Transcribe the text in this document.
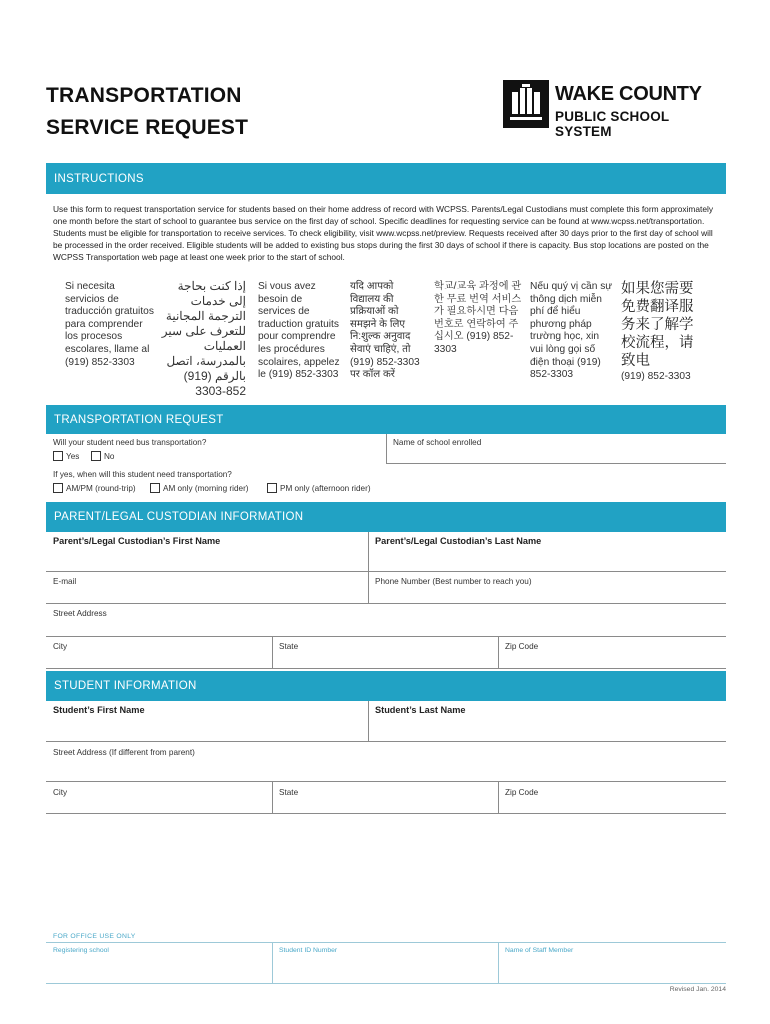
TRANSPORTATION
SERVICE REQUEST
WAKE COUNTY
PUBLIC SCHOOL SYSTEM
INSTRUCTIONS
Use this form to request transportation service for students based on their home address of record with WCPSS. Parents/Legal Custodians must complete this form approximately one month before the start of school to guarantee bus service on the first day of school. Specific deadlines for requesting service can be found at www.wcpss.net/transportation. Students must be eligible for transportation to receive services. To check eligibility, visit www.wcpss.net/preview. Requests received after 30 days prior to the first day of school will be processed in the order received. Eligible students will be added to existing bus stops during the first 30 days of school if there is capacity. Bus stop locations are posted on the WCPSS Transportation web page at least one week prior to the start of school.
Si necesita servicios de traducción gratuitos para comprender los procesos escolares, llame al (919) 852-3303
إذا كنت بحاجة إلى خدمات الترجمة المجانية للتعرف على سير العمليات بالمدرسة، اتصل بالرقم (919) 852-3303
Si vous avez besoin de services de traduction gratuits pour comprendre les procédures scolaires, appelez le (919) 852-3303
यदि आपको विद्यालय की प्रक्रियाओं को समझने के लिए नि:शुल्क अनुवाद सेवाएं चाहिएं, तो (919) 852-3303 पर कॉल करें
학교/교육 과정에 관한 무료 번역 서비스가 필요하시면 다음 번호로 연락하여 주십시오 (919) 852-3303
Nếu quý vị cần sự thông dịch miễn phí để hiểu phương pháp trường học, xin vui lòng gọi số điện thoại (919) 852-3303
如果您需要免费翻译服务来了解学校流程，请致电
(919) 852-3303
TRANSPORTATION REQUEST
Will your student need bus transportation?	Name of school enrolled
Yes	No
If yes, when will this student need transportation?
AM/PM (round-trip)	AM only (morning rider)	PM only (afternoon rider)
PARENT/LEGAL CUSTODIAN INFORMATION
Parent’s/Legal Custodian’s First Name	Parent’s/Legal Custodian’s Last Name
E-mail	Phone Number (Best number to reach you)
Street Address
City	State	Zip Code
STUDENT INFORMATION
Student’s First Name	Student’s Last Name
Street Address (If different from parent)
City	State	Zip Code
FOR OFFICE USE ONLY
Registering school	Student ID Number	Name of Staff Member
Revised Jan. 2014
